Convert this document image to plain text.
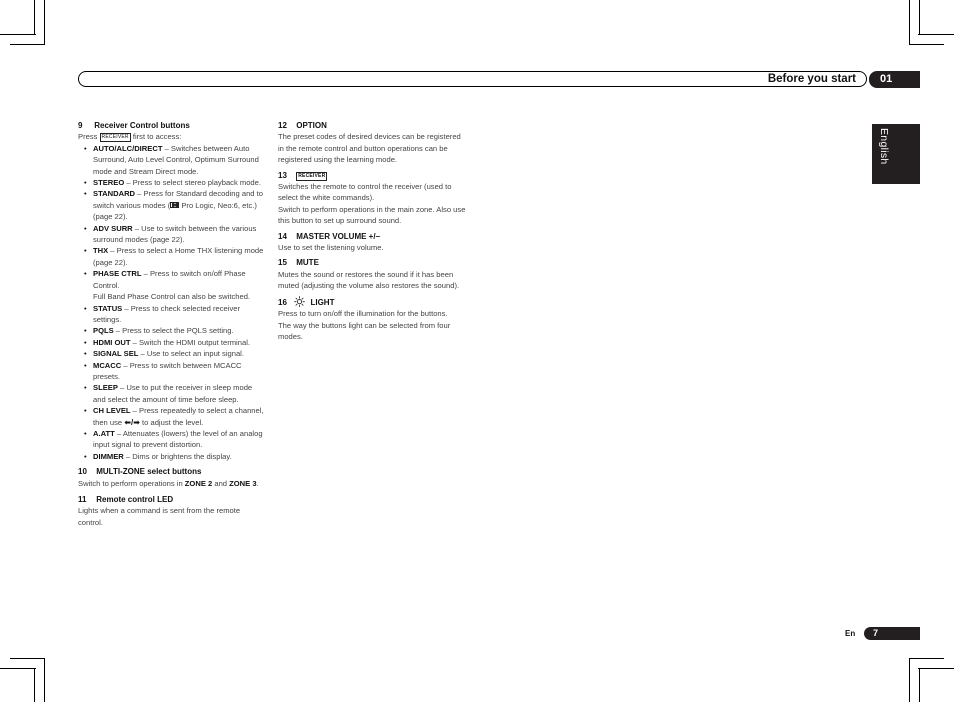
Before you start	01
English
9 Receiver Control buttons

Press RECEIVER first to access:

• AUTO/ALC/DIRECT – Switches between Auto Surround, Auto Level Control, Optimum Surround mode and Stream Direct mode.
• STEREO – Press to select stereo playback mode.
• STANDARD – Press for Standard decoding and to switch various modes ( Pro Logic, Neo:6, etc.) (page 22).
• ADV SURR – Use to switch between the various surround modes (page 22).
• THX – Press to select a Home THX listening mode (page 22).
• PHASE CTRL – Press to switch on/off Phase Control.
Full Band Phase Control can also be switched.
• STATUS – Press to check selected receiver settings.
• PQLS – Press to select the PQLS setting.
• HDMI OUT – Switch the HDMI output terminal.
• SIGNAL SEL – Use to select an input signal.
• MCACC – Press to switch between MCACC presets.
• SLEEP – Use to put the receiver in sleep mode and select the amount of time before sleep.
• CH LEVEL – Press repeatedly to select a channel, then use ⬅/➡ to adjust the level.
• A.ATT – Attenuates (lowers) the level of an analog input signal to prevent distortion.
• DIMMER – Dims or brightens the display.
10 MULTI-ZONE select buttons

Switch to perform operations in ZONE 2 and ZONE 3.

11 Remote control LED

Lights when a command is sent from the remote control.

12 OPTION

The preset codes of desired devices can be registered in the remote control and button operations can be registered using the learning mode.

13 RECEIVER

Switches the remote to control the receiver (used to select the white commands).

Switch to perform operations in the main zone. Also use this button to set up surround sound.

14 MASTER VOLUME +/–

Use to set the listening volume.

15 MUTE

Mutes the sound or restores the sound if it has been muted (adjusting the volume also restores the sound).

16	LIGHT

Press to turn on/off the illumination for the buttons.

The way the buttons light can be selected from four modes.

En	7
